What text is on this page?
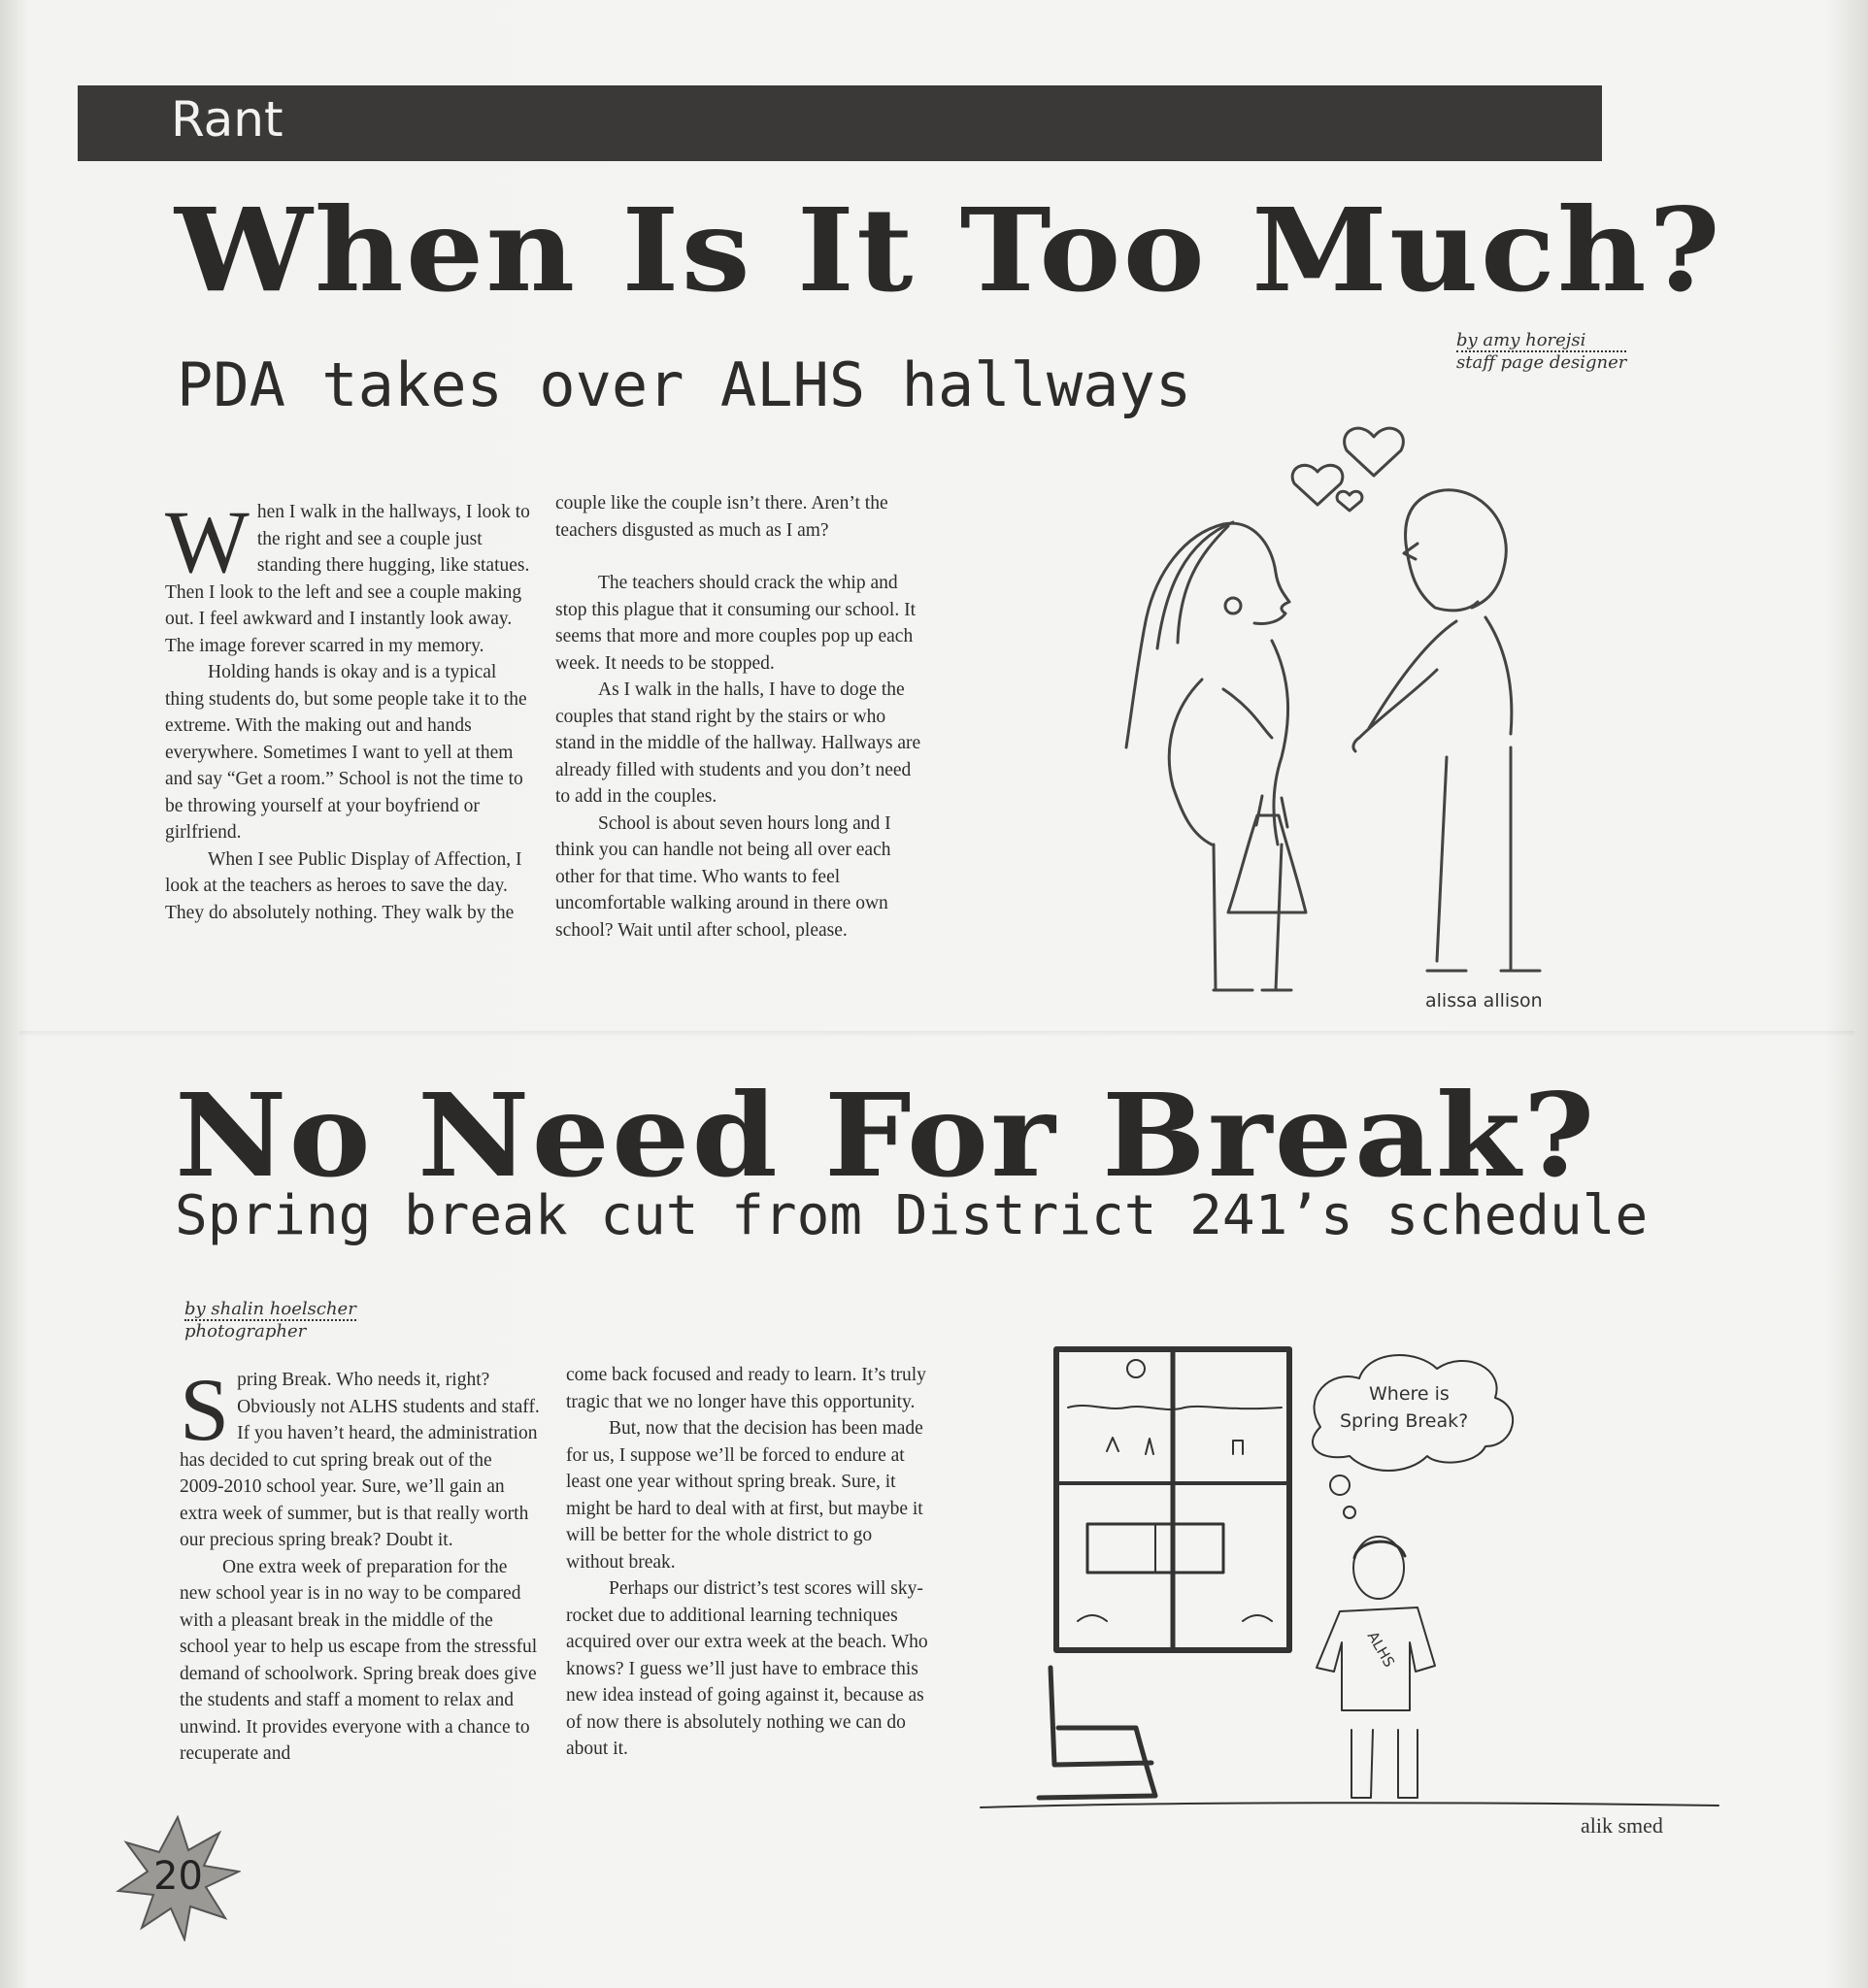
Rant
When Is It Too Much?
PDA takes over ALHS hallways
by amy horejsi
staff page designer

When I walk in the hallways, I look to the right and see a couple just standing there hugging, like statues. Then I look to the left and see a couple making out. I feel awkward and I instantly look away. The image forever scarred in my memory.

Holding hands is okay and is a typical thing students do, but some people take it to the extreme. With the making out and hands everywhere. Sometimes I want to yell at them and say “Get a room.” School is not the time to be throwing yourself at your boyfriend or girlfriend.

When I see Public Display of Affection, I look at the teachers as heroes to save the day. They do absolutely nothing. They walk by the

couple like the couple isn’t there. Aren’t the teachers disgusted as much as I am?

The teachers should crack the whip and stop this plague that it consuming our school. It seems that more and more couples pop up each week. It needs to be stopped.

As I walk in the halls, I have to doge the couples that stand right by the stairs or who stand in the middle of the hallway. Hallways are already filled with students and you don’t need to add in the couples.

School is about seven hours long and I think you can handle not being all over each other for that time. Who wants to feel uncomfortable walking around in there own school? Wait until after school, please.

alissa allison
No Need For Break?
Spring break cut from District 241’s schedule
by shalin hoelscher
photographer

Spring Break. Who needs it, right? Obviously not ALHS students and staff. If you haven’t heard, the administration has decided to cut spring break out of the 2009-2010 school year. Sure, we’ll gain an extra week of summer, but is that really worth our precious spring break? Doubt it.

One extra week of preparation for the new school year is in no way to be compared with a pleasant break in the middle of the school year to help us escape from the stressful demand of schoolwork. Spring break does give the students and staff a moment to relax and unwind. It provides everyone with a chance to recuperate and

come back focused and ready to learn. It’s truly tragic that we no longer have this opportunity.

But, now that the decision has been made for us, I suppose we’ll be forced to endure at least one year without spring break. Sure, it might be hard to deal with at first, but maybe it will be better for the whole district to go without break.

Perhaps our district’s test scores will sky-rocket due to additional learning techniques acquired over our extra week at the beach. Who knows? I guess we’ll just have to embrace this new idea instead of going against it, because as of now there is absolutely nothing we can do about it.

Where is
Spring Break?
ALHS
alik smed
20
